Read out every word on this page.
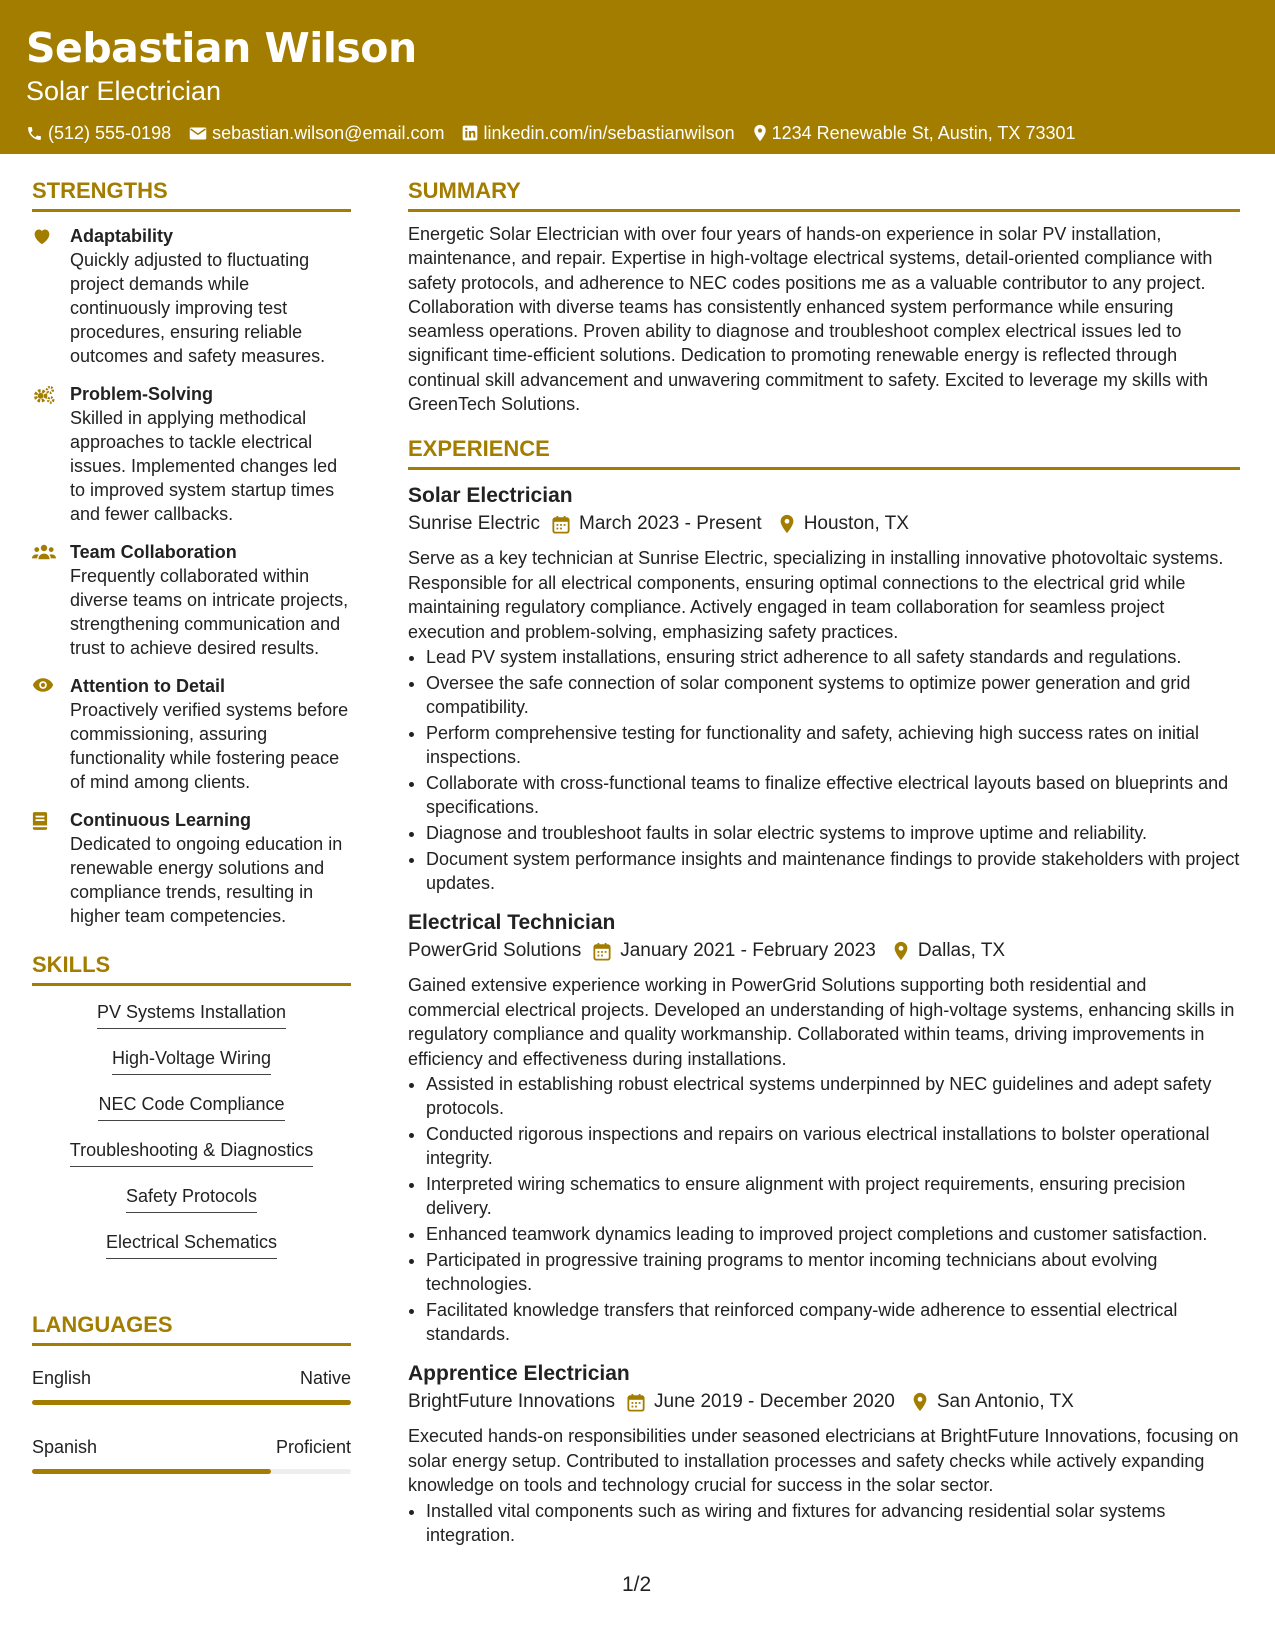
Sebastian Wilson
Solar Electrician
(512) 555-0198 sebastian.wilson@email.com linkedin.com/in/sebastianwilson 1234 Renewable St, Austin, TX 73301
STRENGTHS
Adaptability
Quickly adjusted to fluctuating project demands while continuously improving test procedures, ensuring reliable outcomes and safety measures.
Problem-Solving
Skilled in applying methodical approaches to tackle electrical issues. Implemented changes led to improved system startup times and fewer callbacks.
Team Collaboration
Frequently collaborated within diverse teams on intricate projects, strengthening communication and trust to achieve desired results.
Attention to Detail
Proactively verified systems before commissioning, assuring functionality while fostering peace of mind among clients.
Continuous Learning
Dedicated to ongoing education in renewable energy solutions and compliance trends, resulting in higher team competencies.
SKILLS
PV Systems Installation
High-Voltage Wiring
NEC Code Compliance
Troubleshooting & Diagnostics
Safety Protocols
Electrical Schematics
LANGUAGES
English	Native
Spanish	Proficient
SUMMARY
Energetic Solar Electrician with over four years of hands-on experience in solar PV installation, maintenance, and repair. Expertise in high-voltage electrical systems, detail-oriented compliance with safety protocols, and adherence to NEC codes positions me as a valuable contributor to any project. Collaboration with diverse teams has consistently enhanced system performance while ensuring seamless operations. Proven ability to diagnose and troubleshoot complex electrical issues led to significant time-efficient solutions. Dedication to promoting renewable energy is reflected through continual skill advancement and unwavering commitment to safety. Excited to leverage my skills with GreenTech Solutions.
EXPERIENCE
Solar Electrician
Sunrise Electric March 2023 - Present Houston, TX
Serve as a key technician at Sunrise Electric, specializing in installing innovative photovoltaic systems. Responsible for all electrical components, ensuring optimal connections to the electrical grid while maintaining regulatory compliance. Actively engaged in team collaboration for seamless project execution and problem-solving, emphasizing safety practices.
• Lead PV system installations, ensuring strict adherence to all safety standards and regulations.
• Oversee the safe connection of solar component systems to optimize power generation and grid compatibility.
• Perform comprehensive testing for functionality and safety, achieving high success rates on initial inspections.
• Collaborate with cross-functional teams to finalize effective electrical layouts based on blueprints and specifications.
• Diagnose and troubleshoot faults in solar electric systems to improve uptime and reliability.
• Document system performance insights and maintenance findings to provide stakeholders with project updates.
Electrical Technician
PowerGrid Solutions January 2021 - February 2023 Dallas, TX
Gained extensive experience working in PowerGrid Solutions supporting both residential and commercial electrical projects. Developed an understanding of high-voltage systems, enhancing skills in regulatory compliance and quality workmanship. Collaborated within teams, driving improvements in efficiency and effectiveness during installations.
• Assisted in establishing robust electrical systems underpinned by NEC guidelines and adept safety protocols.
• Conducted rigorous inspections and repairs on various electrical installations to bolster operational integrity.
• Interpreted wiring schematics to ensure alignment with project requirements, ensuring precision delivery.
• Enhanced teamwork dynamics leading to improved project completions and customer satisfaction.
• Participated in progressive training programs to mentor incoming technicians about evolving technologies.
• Facilitated knowledge transfers that reinforced company-wide adherence to essential electrical standards.
Apprentice Electrician
BrightFuture Innovations June 2019 - December 2020 San Antonio, TX
Executed hands-on responsibilities under seasoned electricians at BrightFuture Innovations, focusing on solar energy setup. Contributed to installation processes and safety checks while actively expanding knowledge on tools and technology crucial for success in the solar sector.
• Installed vital components such as wiring and fixtures for advancing residential solar systems integration.
1/2
